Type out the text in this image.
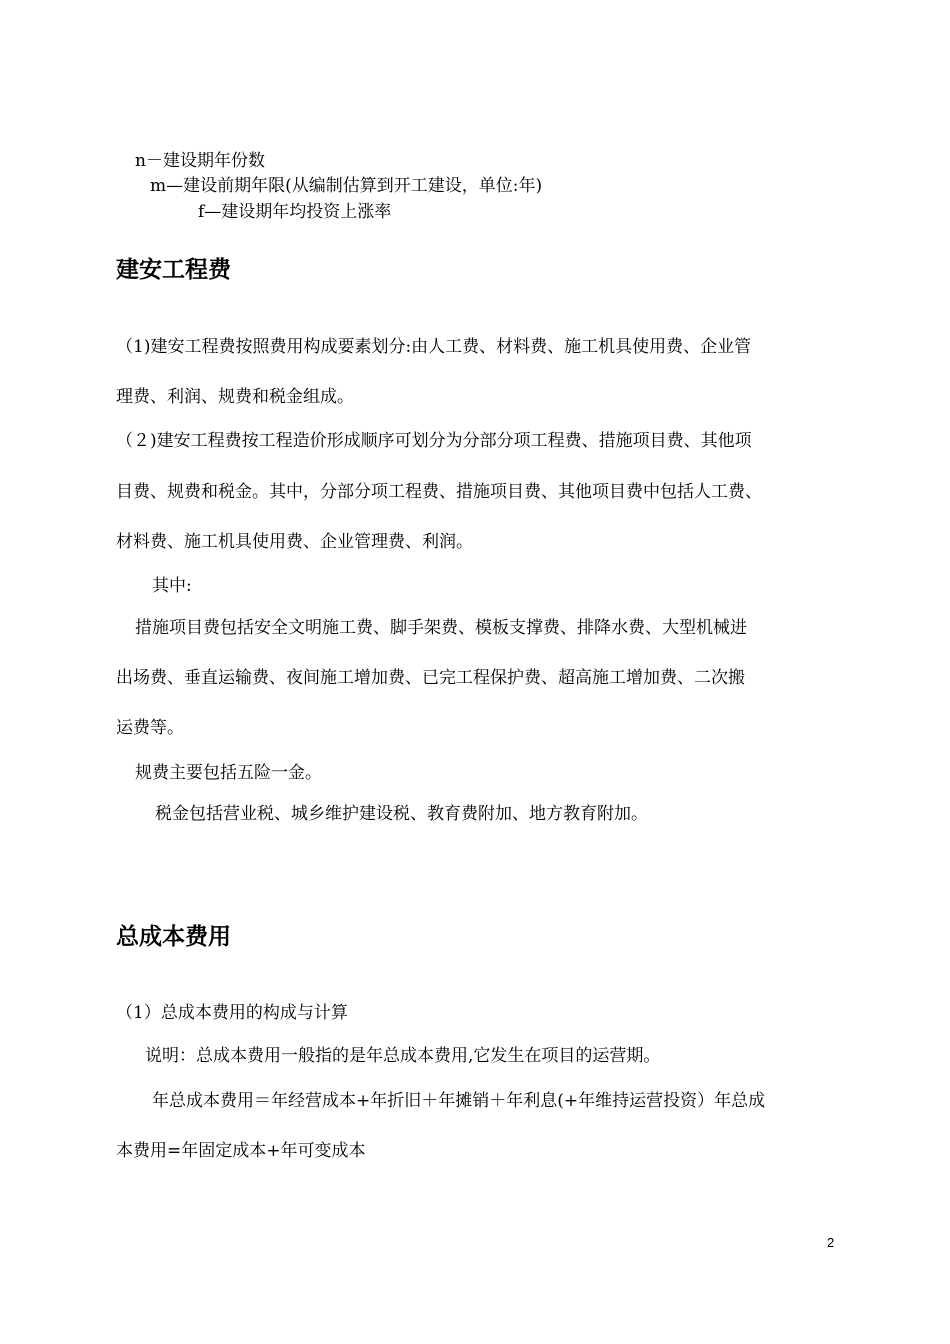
n－建设期年份数
m—建设前期年限(从编制估算到开工建设，单位:年)
f—建设期年均投资上涨率
建安工程费
（1)建安工程费按照费用构成要素划分:由人工费、材料费、施工机具使用费、企业管
理费、利润、规费和税金组成。
（２)建安工程费按工程造价形成顺序可划分为分部分项工程费、措施项目费、其他项
目费、规费和税金。其中，分部分项工程费、措施项目费、其他项目费中包括人工费、
材料费、施工机具使用费、企业管理费、利润。
其中:
措施项目费包括安全文明施工费、脚手架费、模板支撑费、排降水费、大型机械进
出场费、垂直运输费、夜间施工增加费、已完工程保护费、超高施工增加费、二次搬
运费等。
规费主要包括五险一金。
税金包括营业税、城乡维护建设税、教育费附加、地方教育附加。
总成本费用
（1）总成本费用的构成与计算
说明：总成本费用一般指的是年总成本费用,它发生在项目的运营期。
年总成本费用＝年经营成本+年折旧＋年摊销＋年利息(+年维持运营投资）年总成
本费用=年固定成本+年可变成本
2
